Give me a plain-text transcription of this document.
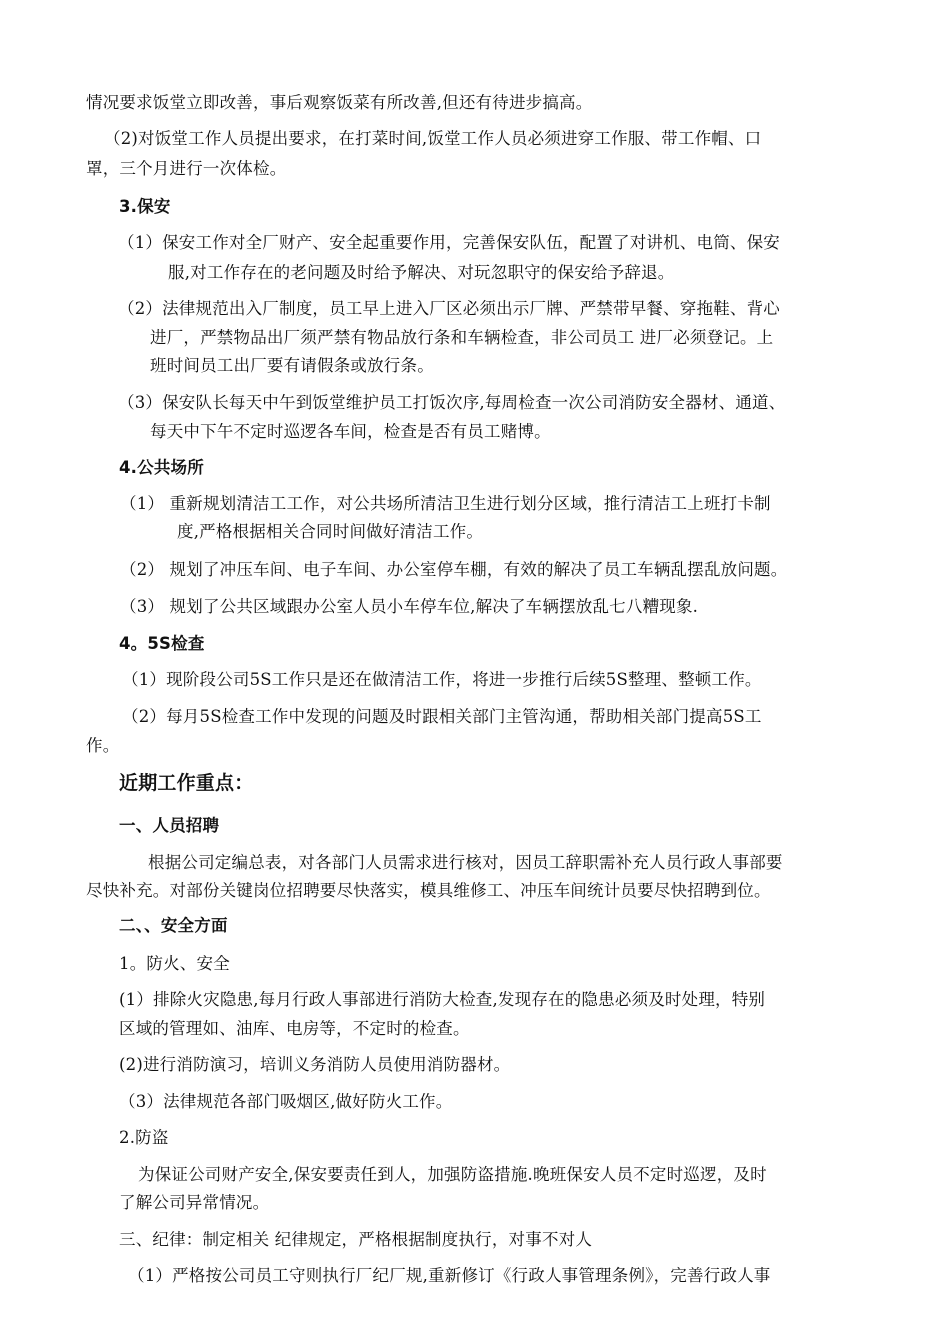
情况要求饭堂立即改善，事后观察饭菜有所改善,但还有待进步搞高。
（2)对饭堂工作人员提出要求，在打菜时间,饭堂工作人员必须进穿工作服、带工作帽、口
罩，三个月进行一次体检。
3.保安
（1）保安工作对全厂财产、安全起重要作用，完善保安队伍，配置了对讲机、电筒、保安
服,对工作存在的老问题及时给予解决、对玩忽职守的保安给予辞退。
（2）法律规范出入厂制度，员工早上进入厂区必须出示厂牌、严禁带早餐、穿拖鞋、背心
进厂，严禁物品出厂须严禁有物品放行条和车辆检查，非公司员工 进厂必须登记。上
班时间员工出厂要有请假条或放行条。
（3）保安队长每天中午到饭堂维护员工打饭次序,每周检查一次公司消防安全器材、通道、
每天中下午不定时巡逻各车间，检查是否有员工赌博。
4.公共场所
（1） 重新规划清洁工工作，对公共场所清洁卫生进行划分区域，推行清洁工上班打卡制
度,严格根据相关合同时间做好清洁工作。
（2） 规划了冲压车间、电子车间、办公室停车棚，有效的解决了员工车辆乱摆乱放问题。
（3） 规划了公共区域跟办公室人员小车停车位,解决了车辆摆放乱七八糟现象.
4。5S检查
（1）现阶段公司5S工作只是还在做清洁工作，将进一步推行后续5S整理、整顿工作。
（2）每月5S检查工作中发现的问题及时跟相关部门主管沟通，帮助相关部门提高5S工
作。
近期工作重点：
一、人员招聘
根据公司定编总表，对各部门人员需求进行核对，因员工辞职需补充人员行政人事部要
尽快补充。对部份关键岗位招聘要尽快落实，模具维修工、冲压车间统计员要尽快招聘到位。
二、、安全方面
1。防火、安全
(1）排除火灾隐患,每月行政人事部进行消防大检查,发现存在的隐患必须及时处理，特别
区域的管理如、油库、电房等，不定时的检查。
(2)进行消防演习，培训义务消防人员使用消防器材。
（3）法律规范各部门吸烟区,做好防火工作。
2.防盗
为保证公司财产安全,保安要责任到人，加强防盗措施.晚班保安人员不定时巡逻，及时
了解公司异常情况。
三、纪律：制定相关 纪律规定，严格根据制度执行，对事不对人
（1）严格按公司员工守则执行厂纪厂规,重新修订《行政人事管理条例》，完善行政人事
